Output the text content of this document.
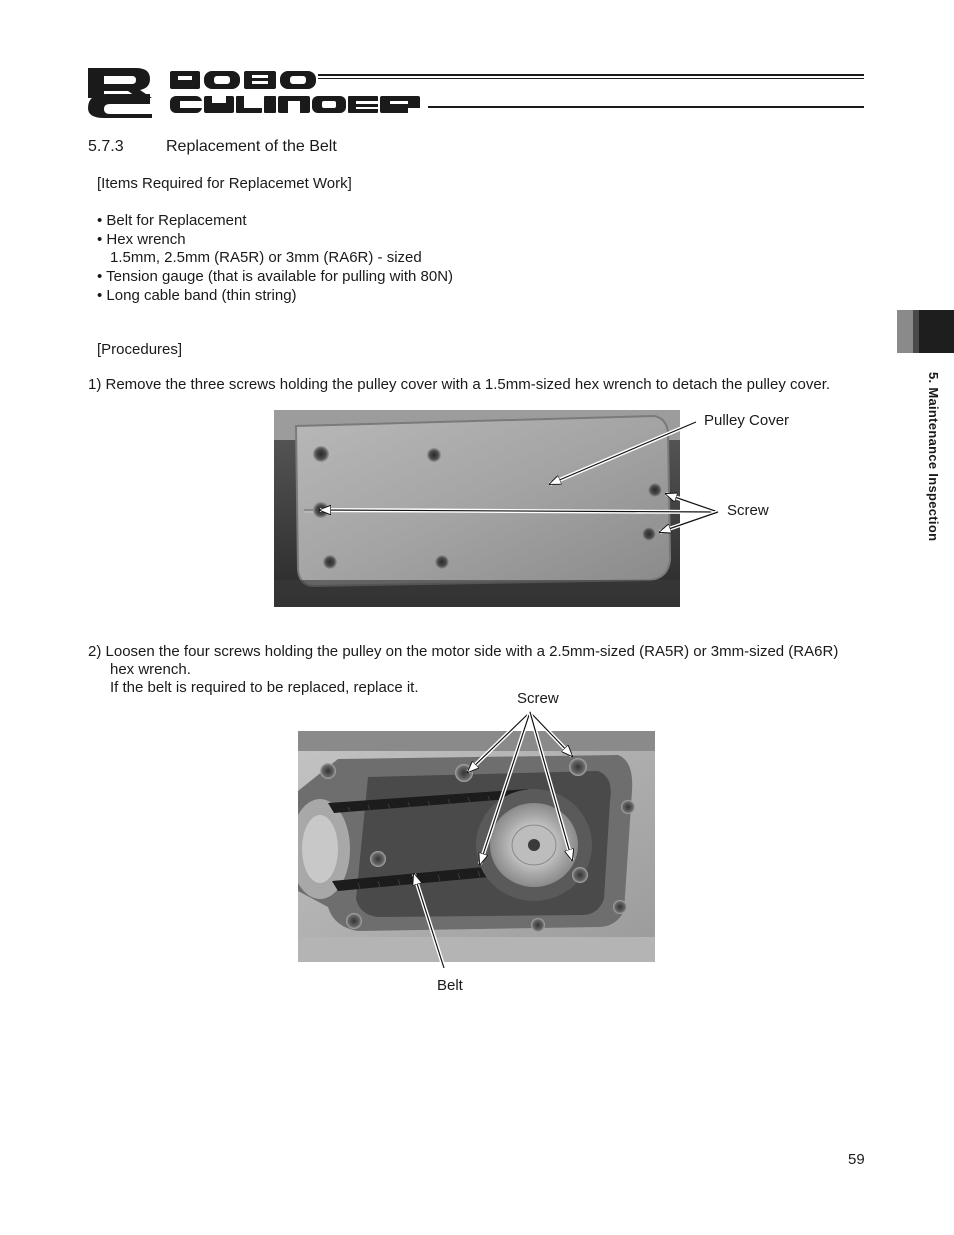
5. Maintenance Inspection
5.7.3	Replacement of the Belt
[Items Required for Replacemet Work]
• Belt for Replacement
• Hex wrench
1.5mm, 2.5mm (RA5R) or 3mm (RA6R) - sized
• Tension gauge (that is available for pulling with 80N)
• Long cable band (thin string)
[Procedures]
1) Remove the three screws holding the pulley cover with a 1.5mm-sized hex wrench to detach the pulley cover.
Pulley Cover
Screw
2) Loosen the four screws holding the pulley on the motor side with a 2.5mm-sized (RA5R) or 3mm-sized (RA6R)
hex wrench.
If the belt is required to be replaced, replace it.
Screw
Belt
59
